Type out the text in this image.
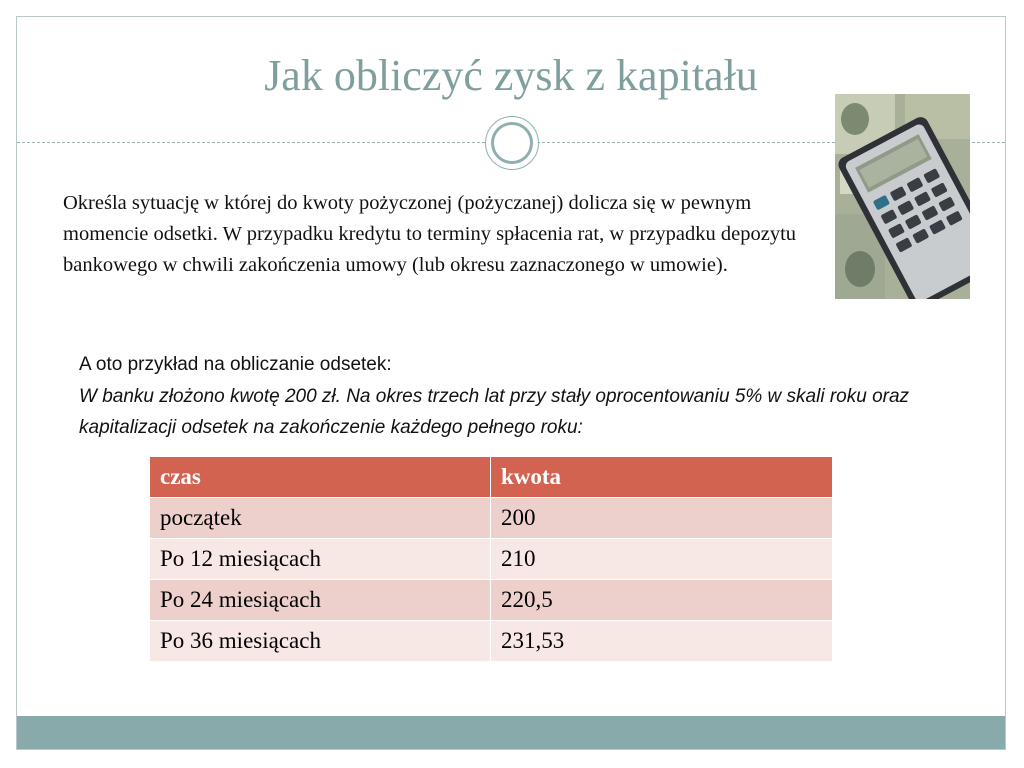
Jak obliczyć zysk z kapitału
Określa sytuację w której do kwoty pożyczonej (pożyczanej) dolicza się w pewnym momencie odsetki. W przypadku kredytu to terminy spłacenia rat, w przypadku depozytu bankowego w chwili zakończenia umowy (lub okresu zaznaczonego w umowie).
A oto przykład na obliczanie odsetek:
W banku złożono kwotę 200 zł. Na okres trzech lat przy stały oprocentowaniu 5% w skali roku oraz kapitalizacji odsetek na zakończenie każdego pełnego roku:
czas	kwota
początek	200
Po 12 miesiącach	210
Po 24 miesiącach	220,5
Po 36 miesiącach	231,53
